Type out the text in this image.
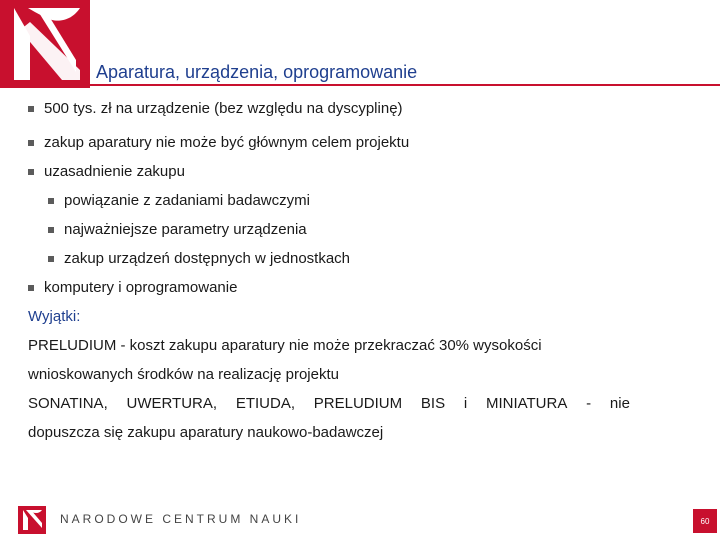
Aparatura, urządzenia, oprogramowanie
500 tys. zł na urządzenie (bez względu na dyscyplinę)
zakup aparatury nie może być głównym celem projektu
uzasadnienie zakupu
powiązanie z zadaniami badawczymi
najważniejsze parametry urządzenia
zakup urządzeń dostępnych w jednostkach
komputery i oprogramowanie
Wyjątki:
PRELUDIUM - koszt zakupu aparatury nie może przekraczać 30% wysokości
wnioskowanych środków na realizację projektu
SONATINA, UWERTURA, ETIUDA, PRELUDIUM BIS i MINIATURA - nie
dopuszcza się zakupu aparatury naukowo-badawczej
NARODOWE CENTRUM NAUKI	60
